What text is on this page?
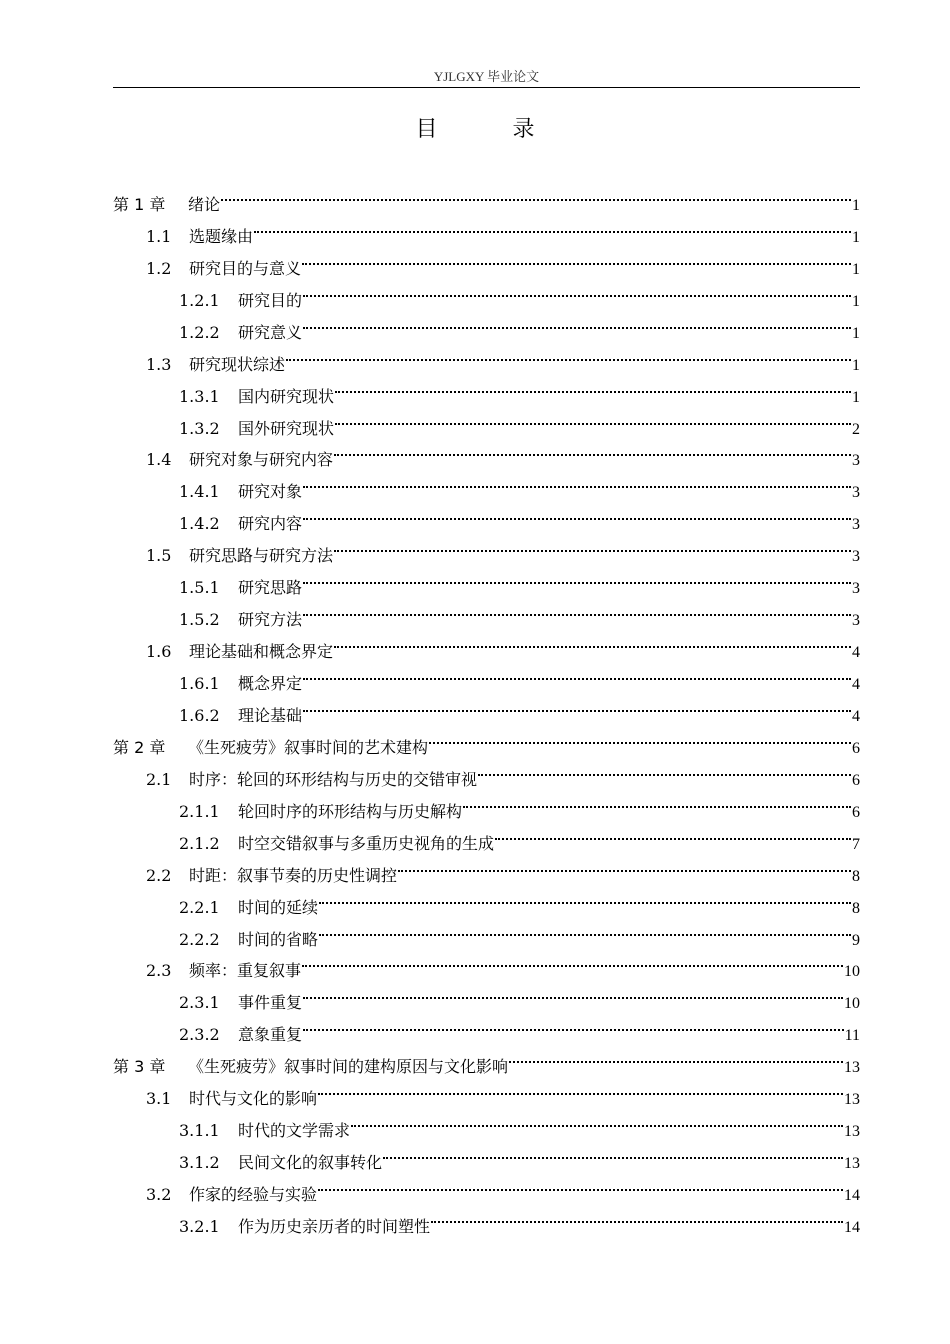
YJLGXY 毕业论文
目 录
第 1 章	绪论	1
1.1	选题缘由	1
1.2	研究目的与意义	1
1.2.1	研究目的	1
1.2.2	研究意义	1
1.3	研究现状综述	1
1.3.1	国内研究现状	1
1.3.2	国外研究现状	2
1.4	研究对象与研究内容	3
1.4.1	研究对象	3
1.4.2	研究内容	3
1.5	研究思路与研究方法	3
1.5.1	研究思路	3
1.5.2	研究方法	3
1.6	理论基础和概念界定	4
1.6.1	概念界定	4
1.6.2	理论基础	4
第 2 章	《生死疲劳》叙事时间的艺术建构	6
2.1	时序：轮回的环形结构与历史的交错审视	6
2.1.1	轮回时序的环形结构与历史解构	6
2.1.2	时空交错叙事与多重历史视角的生成	7
2.2	时距：叙事节奏的历史性调控	8
2.2.1	时间的延续	8
2.2.2	时间的省略	9
2.3	频率：重复叙事	10
2.3.1	事件重复	10
2.3.2	意象重复	11
第 3 章	《生死疲劳》叙事时间的建构原因与文化影响	13
3.1	时代与文化的影响	13
3.1.1	时代的文学需求	13
3.1.2	民间文化的叙事转化	13
3.2	作家的经验与实验	14
3.2.1	作为历史亲历者的时间塑性	14
